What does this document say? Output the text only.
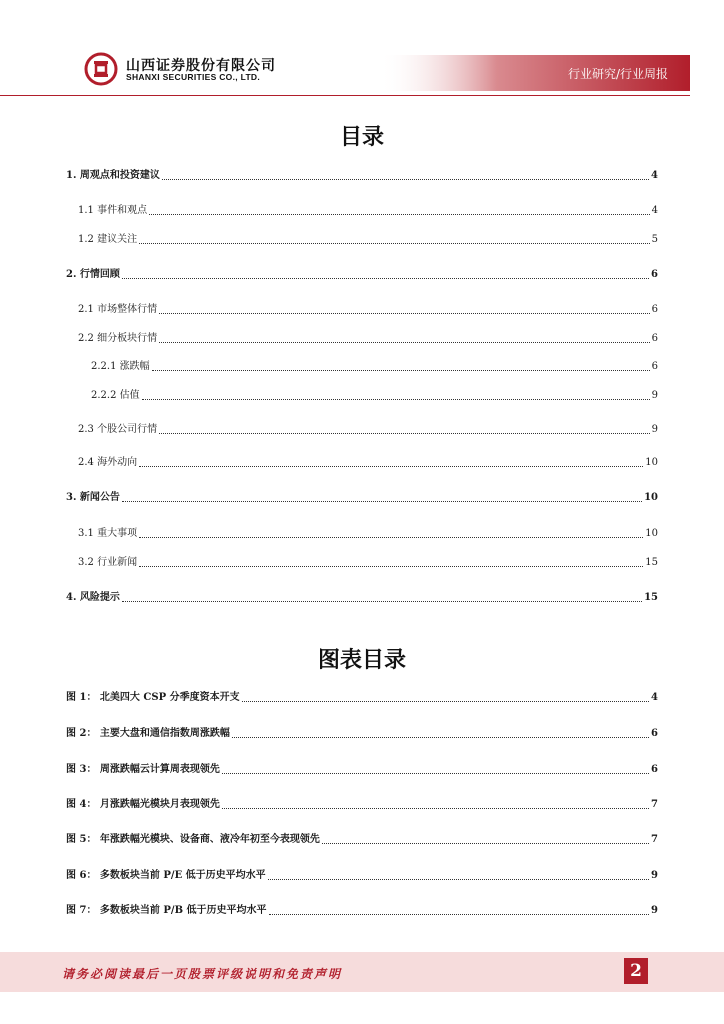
山西证券股份有限公司
SHANXI SECURITIES CO., LTD.	行业研究/行业周报
目录
1. 周观点和投资建议	4
1.1 事件和观点	4
1.2 建议关注	5
2. 行情回顾	6
2.1 市场整体行情	6
2.2 细分板块行情	6
2.2.1 涨跌幅	6
2.2.2 估值	9
2.3 个股公司行情	9
2.4 海外动向	10
3. 新闻公告	10
3.1 重大事项	10
3.2 行业新闻	15
4. 风险提示	15
图表目录
图 1： 北美四大 CSP 分季度资本开支	4
图 2： 主要大盘和通信指数周涨跌幅	6
图 3： 周涨跌幅云计算周表现领先	6
图 4： 月涨跌幅光模块月表现领先	7
图 5： 年涨跌幅光模块、设备商、液冷年初至今表现领先	7
图 6： 多数板块当前 P/E 低于历史平均水平	9
图 7： 多数板块当前 P/B 低于历史平均水平	9
请务必阅读最后一页股票评级说明和免责声明	2
